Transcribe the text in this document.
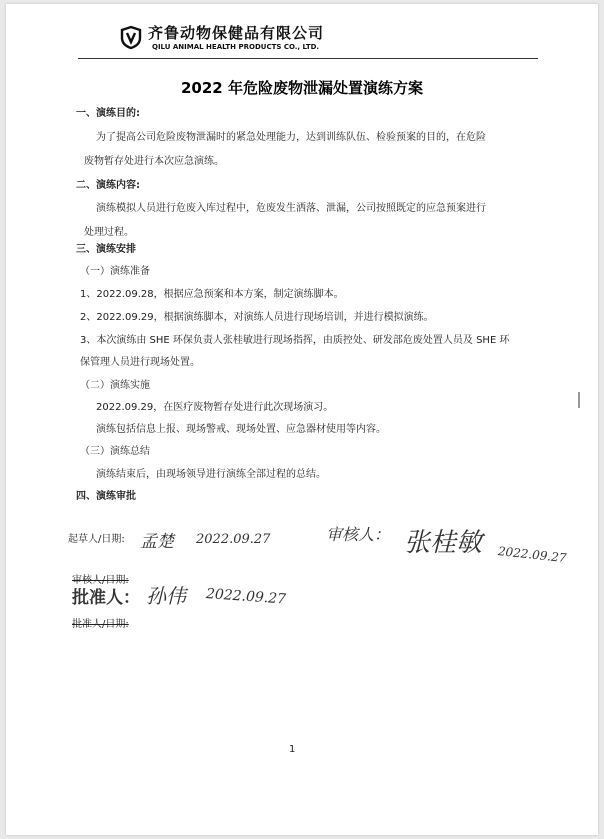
齐鲁动物保健品有限公司
QILU ANIMAL HEALTH PRODUCTS CO., LTD.
2022 年危险废物泄漏处置演练方案
一、演练目的:
为了提高公司危险废物泄漏时的紧急处理能力，达到训练队伍、检验预案的目的，在危险
废物暂存处进行本次应急演练。
二、演练内容:
演练模拟人员进行危废入库过程中，危废发生洒落、泄漏，公司按照既定的应急预案进行
处理过程。
三、演练安排
（一）演练准备
1、2022.09.28，根据应急预案和本方案，制定演练脚本。
2、2022.09.29，根据演练脚本，对演练人员进行现场培训，并进行模拟演练。
3、本次演练由 SHE 环保负责人张桂敏进行现场指挥，由质控处、研发部危废处置人员及 SHE 环
保管理人员进行现场处置。
（二）演练实施
2022.09.29，在医疗废物暂存处进行此次现场演习。
演练包括信息上报、现场警戒、现场处置、应急器材使用等内容。
（三）演练总结
演练结束后，由现场领导进行演练全部过程的总结。
四、演练审批
起草人/日期: 孟楚 2022.09.27	审核人： 张桂敏 2022.09.27
审核人/日期:
批准人： 孙伟 2022.09.27
批准人/日期:
1
